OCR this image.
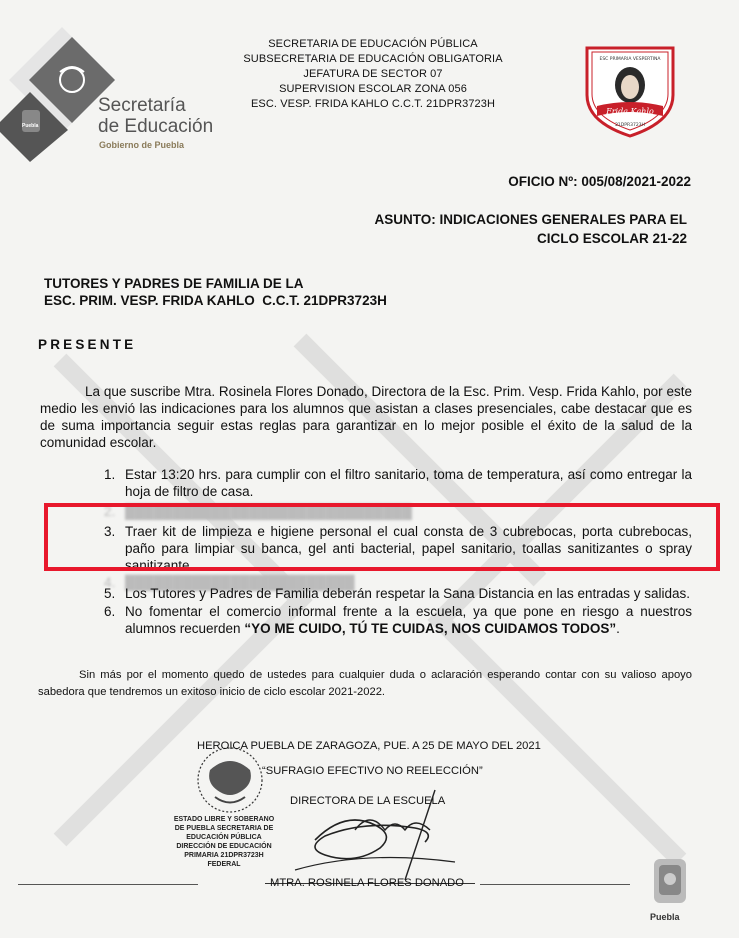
Secretaría
de Educación
Gobierno de Puebla
Puebla
SECRETARIA DE EDUCACIÓN PÚBLICA
SUBSECRETARIA DE EDUCACIÓN OBLIGATORIA
JEFATURA DE SECTOR 07
SUPERVISION ESCOLAR ZONA 056
ESC. VESP. FRIDA KAHLO C.C.T. 21DPR3723H
Frida Kahlo
ESC PRIMARIA VESPERTINA
21DPR3723H
OFICIO Nº: 005/08/2021-2022
ASUNTO: INDICACIONES GENERALES PARA EL
CICLO ESCOLAR 21-22
TUTORES Y PADRES DE FAMILIA DE LA
ESC. PRIM. VESP. FRIDA KAHLO  C.C.T. 21DPR3723H
PRESENTE
La que suscribe Mtra. Rosinela Flores Donado, Directora de la Esc. Prim. Vesp. Frida Kahlo, por este medio les envió las indicaciones para los alumnos que asistan a clases presenciales, cabe destacar que es de suma importancia seguir estas reglas para garantizar en lo mejor posible el éxito de la salud de la comunidad escolar.
1. Estar 13:20 hrs. para cumplir con el filtro sanitario, toma de temperatura, así como entregar la hoja de filtro de casa.
2. ██████████████████████████████
3. Traer kit de limpieza e higiene personal el cual consta de 3 cubrebocas, porta cubrebocas, paño para limpiar su banca, gel anti bacterial, papel sanitario, toallas sanitizantes o spray sanitizante.
4. ████████████████████████
5. Los Tutores y Padres de Familia deberán respetar la Sana Distancia en las entradas y salidas.
6. No fomentar el comercio informal frente a la escuela, ya que pone en riesgo a nuestros alumnos recuerden “YO ME CUIDO, TÚ TE CUIDAS, NOS CUIDAMOS TODOS”.
Sin más por el momento quedo de ustedes para cualquier duda o aclaración esperando contar con su valioso apoyo sabedora que tendremos un exitoso inicio de ciclo escolar 2021-2022.
ESTADO LIBRE Y SOBERANO DE PUEBLA SECRETARIA DE EDUCACIÓN PÚBLICA DIRECCIÓN DE EDUCACIÓN PRIMARIA 21DPR3723H FEDERAL
HEROICA PUEBLA DE ZARAGOZA, PUE. A 25 DE MAYO DEL 2021
“SUFRAGIO EFECTIVO NO REELECCIÓN”
DIRECTORA DE LA ESCUELA
MTRA. ROSINELA FLORES DONADO
Puebla
